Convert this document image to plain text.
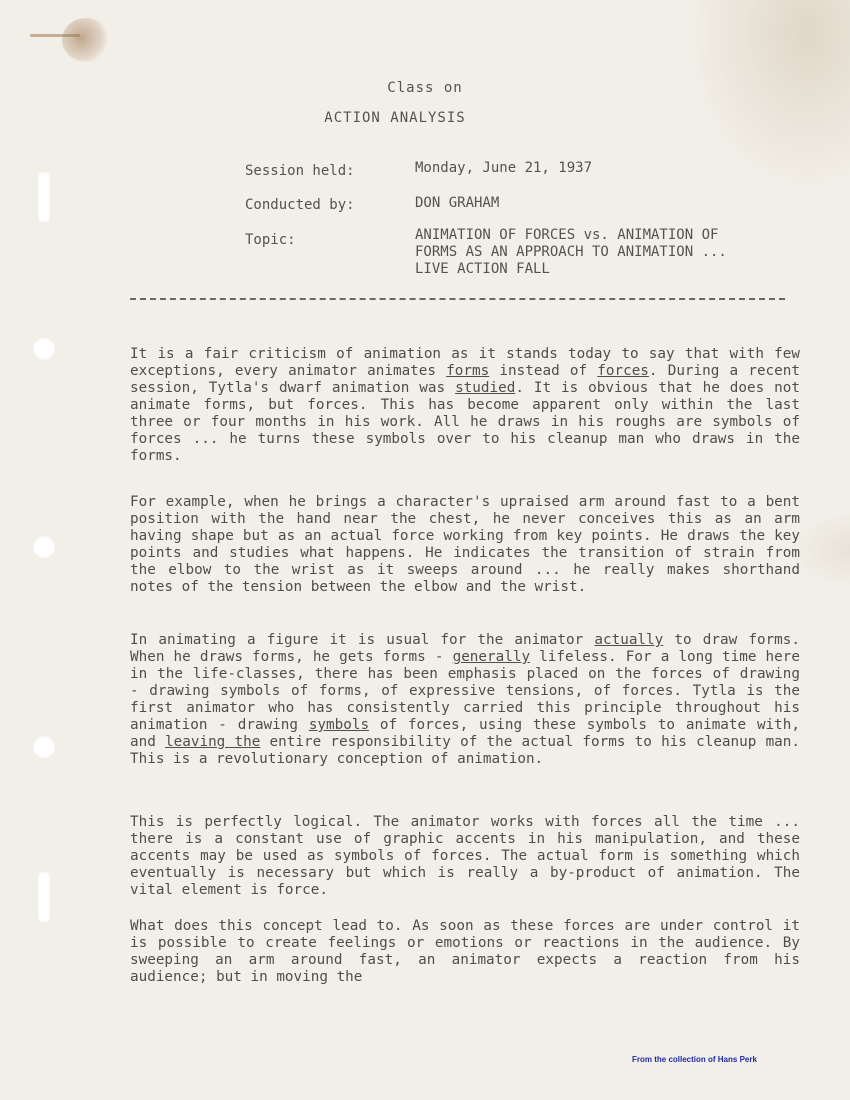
Class on
ACTION ANALYSIS
Session held:	Monday, June 21, 1937
Conducted by:	DON GRAHAM
Topic:	ANIMATION OF FORCES vs. ANIMATION OF FORMS AS AN APPROACH TO ANIMATION ... LIVE ACTION FALL
It is a fair criticism of animation as it stands today to say that with few exceptions, every animator animates forms instead of forces. During a recent session, Tytla's dwarf animation was studied. It is obvious that he does not animate forms, but forces. This has become apparent only within the last three or four months in his work. All he draws in his roughs are symbols of forces ... he turns these symbols over to his cleanup man who draws in the forms.
For example, when he brings a character's upraised arm around fast to a bent position with the hand near the chest, he never conceives this as an arm having shape but as an actual force working from key points. He draws the key points and studies what happens. He indicates the transition of strain from the elbow to the wrist as it sweeps around ... he really makes shorthand notes of the tension between the elbow and the wrist.
In animating a figure it is usual for the animator actually to draw forms. When he draws forms, he gets forms - generally lifeless. For a long time here in the life-classes, there has been emphasis placed on the forces of drawing - drawing symbols of forms, of expressive tensions, of forces. Tytla is the first animator who has consistently carried this principle throughout his animation - drawing symbols of forces, using these symbols to animate with, and leaving the entire responsibility of the actual forms to his cleanup man. This is a revolutionary conception of animation.
This is perfectly logical. The animator works with forces all the time ... there is a constant use of graphic accents in his manipulation, and these accents may be used as symbols of forces. The actual form is something which eventually is necessary but which is really a by-product of animation. The vital element is force.
What does this concept lead to. As soon as these forces are under control it is possible to create feelings or emotions or reactions in the audience. By sweeping an arm around fast, an animator expects a reaction from his audience; but in moving the
From the collection of Hans Perk
